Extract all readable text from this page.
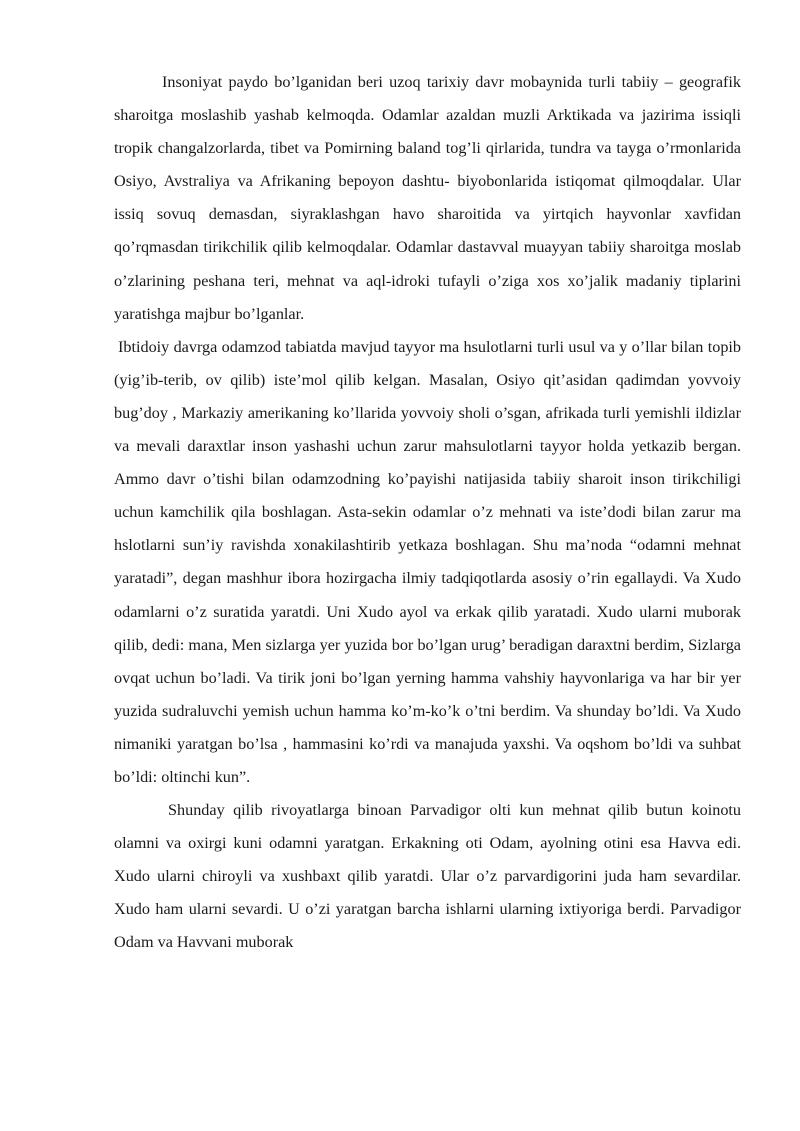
Insoniyat paydo bo’lganidan beri uzoq tarixiy davr mobaynida turli tabiiy – geografik sharoitga moslashib yashab kelmoqda. Odamlar azaldan muzli Arktikada va jazirima issiqli tropik changalzorlarda, tibet va Pomirning baland tog’li qirlarida, tundra va tayga o’rmonlarida Osiyo, Avstraliya va Afrikaning bepoyon dashtu- biyobonlarida istiqomat qilmoqdalar. Ular issiq sovuq demasdan, siyraklashgan havo sharoitida va yirtqich hayvonlar xavfidan qo’rqmasdan tirikchilik qilib kelmoqdalar. Odamlar dastavval muayyan tabiiy sharoitga moslab o’zlarining peshana teri, mehnat va aql-idroki tufayli o’ziga xos xo’jalik madaniy tiplarini yaratishga majbur bo’lganlar.

Ibtidoiy davrga odamzod tabiatda mavjud tayyor ma hsulotlarni turli usul va y o’llar bilan topib (yig’ib-terib, ov qilib) iste’mol qilib kelgan. Masalan, Osiyo qit’asidan qadimdan yovvoiy bug’doy , Markaziy amerikaning ko’llarida yovvoiy sholi o’sgan, afrikada turli yemishli ildizlar va mevali daraxtlar inson yashashi uchun zarur mahsulotlarni tayyor holda yetkazib bergan. Ammo davr o’tishi bilan odamzodning ko’payishi natijasida tabiiy sharoit inson tirikchiligi uchun kamchilik qila boshlagan. Asta-sekin odamlar o’z mehnati va iste’dodi bilan zarur ma hslotlarni sun’iy ravishda xonakilashtirib yetkaza boshlagan. Shu ma’noda “odamni mehnat yaratadi”, degan mashhur ibora hozirgacha ilmiy tadqiqotlarda asosiy o’rin egallaydi. Va Xudo odamlarni o’z suratida yaratdi. Uni Xudo ayol va erkak qilib yaratadi. Xudo ularni muborak qilib, dedi: mana, Men sizlarga yer yuzida bor bo’lgan urug’ beradigan daraxtni berdim, Sizlarga ovqat uchun bo’ladi. Va tirik joni bo’lgan yerning hamma vahshiy hayvonlariga va har bir yer yuzida sudraluvchi yemish uchun hamma ko’m-ko’k o’tni berdim. Va shunday bo’ldi. Va Xudo nimaniki yaratgan bo’lsa , hammasini ko’rdi va manajuda yaxshi. Va oqshom bo’ldi va suhbat bo’ldi: oltinchi kun”.

Shunday qilib rivoyatlarga binoan Parvadigor olti kun mehnat qilib butun koinotu olamni va oxirgi kuni odamni yaratgan. Erkakning oti Odam, ayolning otini esa Havva edi. Xudo ularni chiroyli va xushbaxt qilib yaratdi. Ular o’z parvardigorini juda ham sevardilar. Xudo ham ularni sevardi. U o’zi yaratgan barcha ishlarni ularning ixtiyoriga berdi. Parvadigor Odam va Havvani muborak
